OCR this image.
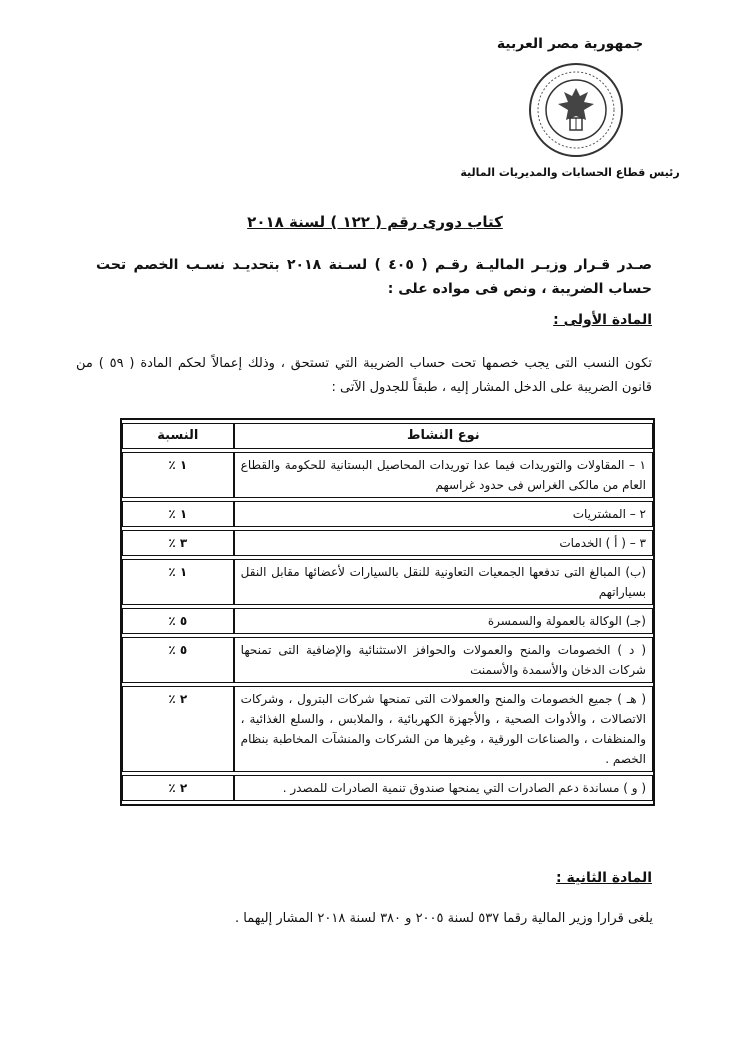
جمهورية مصر العربية
رئيس قطاع الحسابات والمديريات المالية
كتاب دورى رقم ( ١٢٢ ) لسنة ٢٠١٨
صـدر قـرار وزيـر الماليـة رقـم ( ٤٠٥ ) لسـنة ٢٠١٨ بتحديـد نسـب الخصم تحت حساب الضريبة ، ونص فى مواده على :
المادة الأولى :
تكون النسب التى يجب خصمها تحت حساب الضريبة التي تستحق ، وذلك إعمالاً لحكم المادة ( ٥٩ ) من قانون الضريبة على الدخل المشار إليه ، طبقاً للجدول الآتى :
نوع النشاط	النسبة
١ – المقاولات والتوريدات فيما عدا توريدات المحاصيل البستانية للحكومة والقطاع العام من مالكى الغراس فى حدود غراسهم	١ ٪
٢ – المشتريات	١ ٪
٣ – ( أ ) الخدمات	٣ ٪
(ب) المبالغ التى تدفعها الجمعيات التعاونية للنقل بالسيارات لأعضائها مقابل النقل بسياراتهم	١ ٪
(جـ) الوكالة بالعمولة والسمسرة	٥ ٪
( د ) الخصومات والمنح والعمولات والحوافز الاستثنائية والإضافية التى تمنحها شركات الدخان والأسمدة والأسمنت	٥ ٪
( هـ ) جميع الخصومات والمنح والعمولات التى تمنحها شركات البترول ، وشركات الاتصالات ، والأدوات الصحية ، والأجهزة الكهربائية ، والملابس ، والسلع الغذائية ، والمنظفات ، والصناعات الورقية ، وغيرها من الشركات والمنشآت المخاطبة بنظام الخصم .	٢ ٪
( و ) مساندة دعم الصادرات التي يمنحها صندوق تنمية الصادرات للمصدر .	٢ ٪
المادة الثانية :
يلغى قرارا وزير المالية رقما ٥٣٧ لسنة ٢٠٠٥ و ٣٨٠ لسنة ٢٠١٨ المشار إليهما .
